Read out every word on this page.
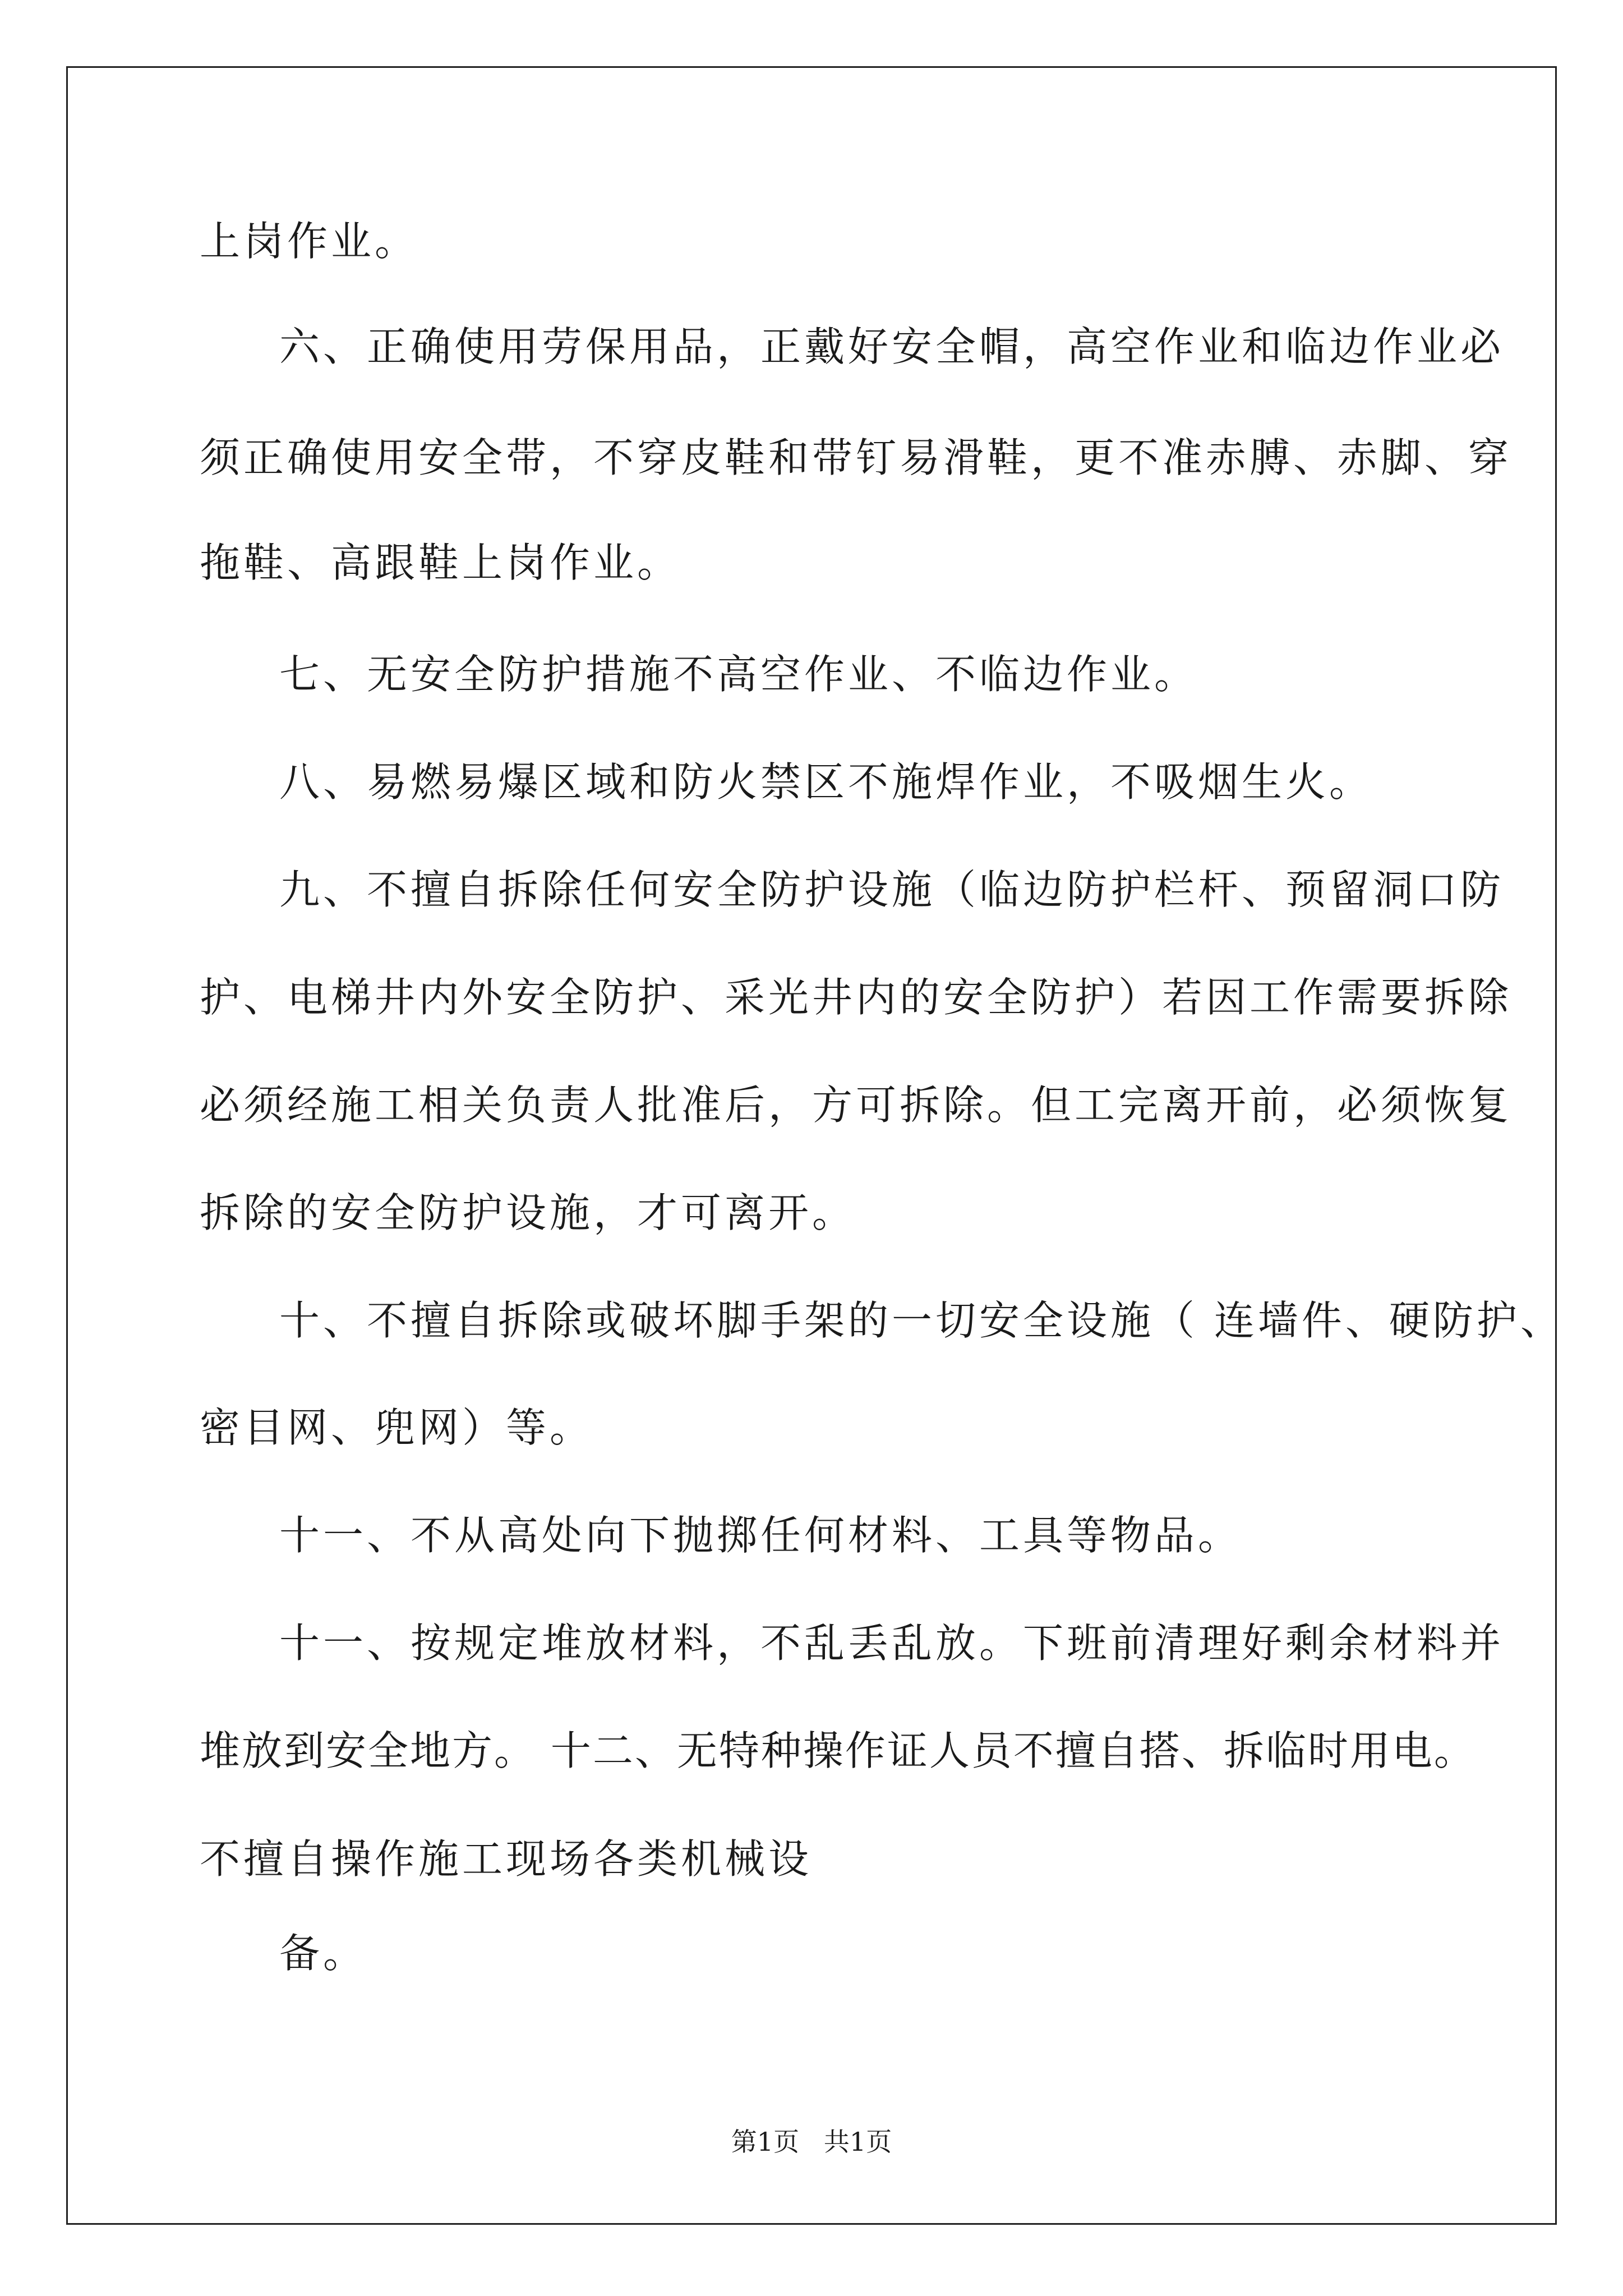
上岗作业。
六、正确使用劳保用品，正戴好安全帽，高空作业和临边作业必
须正确使用安全带，不穿皮鞋和带钉易滑鞋，更不准赤膊、赤脚、穿
拖鞋、高跟鞋上岗作业。
七、无安全防护措施不高空作业、不临边作业。
八、易燃易爆区域和防火禁区不施焊作业，不吸烟生火。
九、不擅自拆除任何安全防护设施（临边防护栏杆、预留洞口防
护、电梯井内外安全防护、采光井内的安全防护）若因工作需要拆除
必须经施工相关负责人批准后，方可拆除。但工完离开前，必须恢复
拆除的安全防护设施，才可离开。
十、不擅自拆除或破坏脚手架的一切安全设施（ 连墙件、硬防护、
密目网、兜网）等。
十一、不从高处向下抛掷任何材料、工具等物品。
十一、按规定堆放材料，不乱丢乱放。下班前清理好剩余材料并
堆放到安全地方。 十二、无特种操作证人员不擅自搭、拆临时用电。
不擅自操作施工现场各类机械设
备。
第1页   共1页
